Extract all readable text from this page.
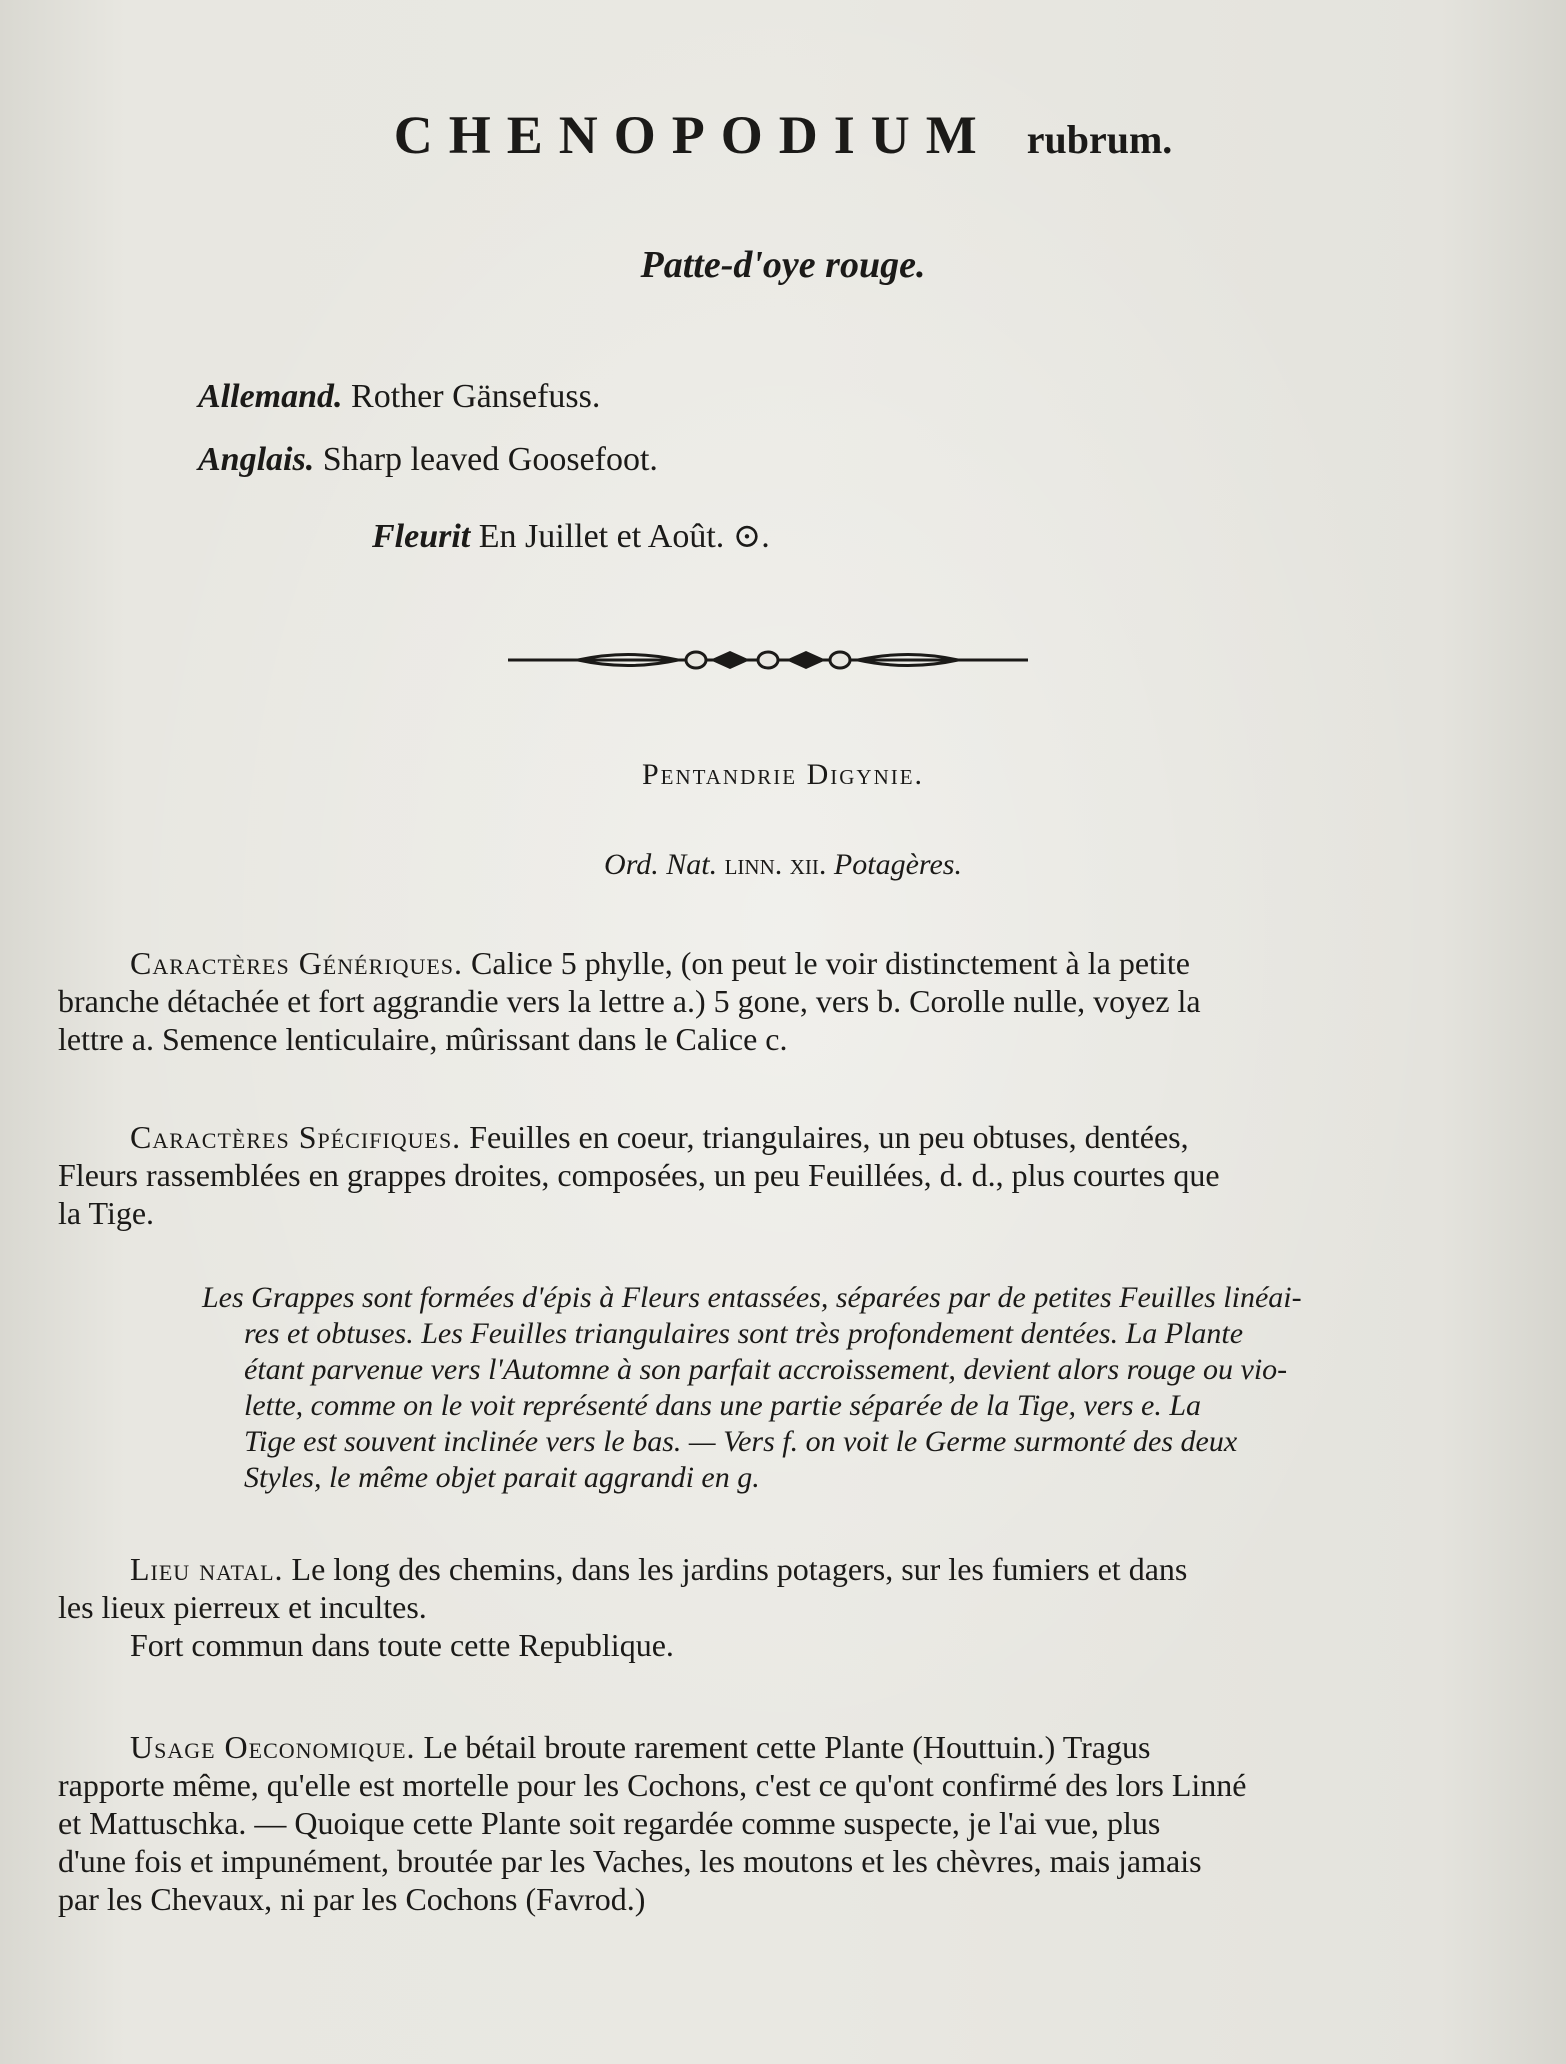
CHENOPODIUM rubrum.
Patte-d'oye rouge.
Allemand. Rother Gänsefuss.
Anglais. Sharp leaved Goosefoot.
Fleurit En Juillet et Août. ⊙.
Pentandrie Digynie.
Ord. Nat. linn. xii. Potagères.
Caractères Génériques. Calice 5 phylle, (on peut le voir distinctement à la petite
branche détachée et fort aggrandie vers la lettre a.) 5 gone, vers b. Corolle nulle, voyez la
lettre a. Semence lenticulaire, mûrissant dans le Calice c.
Caractères Spécifiques. Feuilles en coeur, triangulaires, un peu obtuses, dentées,
Fleurs rassemblées en grappes droites, composées, un peu Feuillées, d. d., plus courtes que
la Tige.
Les Grappes sont formées d'épis à Fleurs entassées, séparées par de petites Feuilles linéai-
res et obtuses. Les Feuilles triangulaires sont très profondement dentées. La Plante
étant parvenue vers l'Automne à son parfait accroissement, devient alors rouge ou vio-
lette, comme on le voit représenté dans une partie séparée de la Tige, vers e. La
Tige est souvent inclinée vers le bas. — Vers f. on voit le Germe surmonté des deux
Styles, le même objet parait aggrandi en g.
Lieu natal. Le long des chemins, dans les jardins potagers, sur les fumiers et dans
les lieux pierreux et incultes.
Fort commun dans toute cette Republique.
Usage Oeconomique. Le bétail broute rarement cette Plante (Houttuin.) Tragus
rapporte même, qu'elle est mortelle pour les Cochons, c'est ce qu'ont confirmé des lors Linné
et Mattuschka. — Quoique cette Plante soit regardée comme suspecte, je l'ai vue, plus
d'une fois et impunément, broutée par les Vaches, les moutons et les chèvres, mais jamais
par les Chevaux, ni par les Cochons (Favrod.)
